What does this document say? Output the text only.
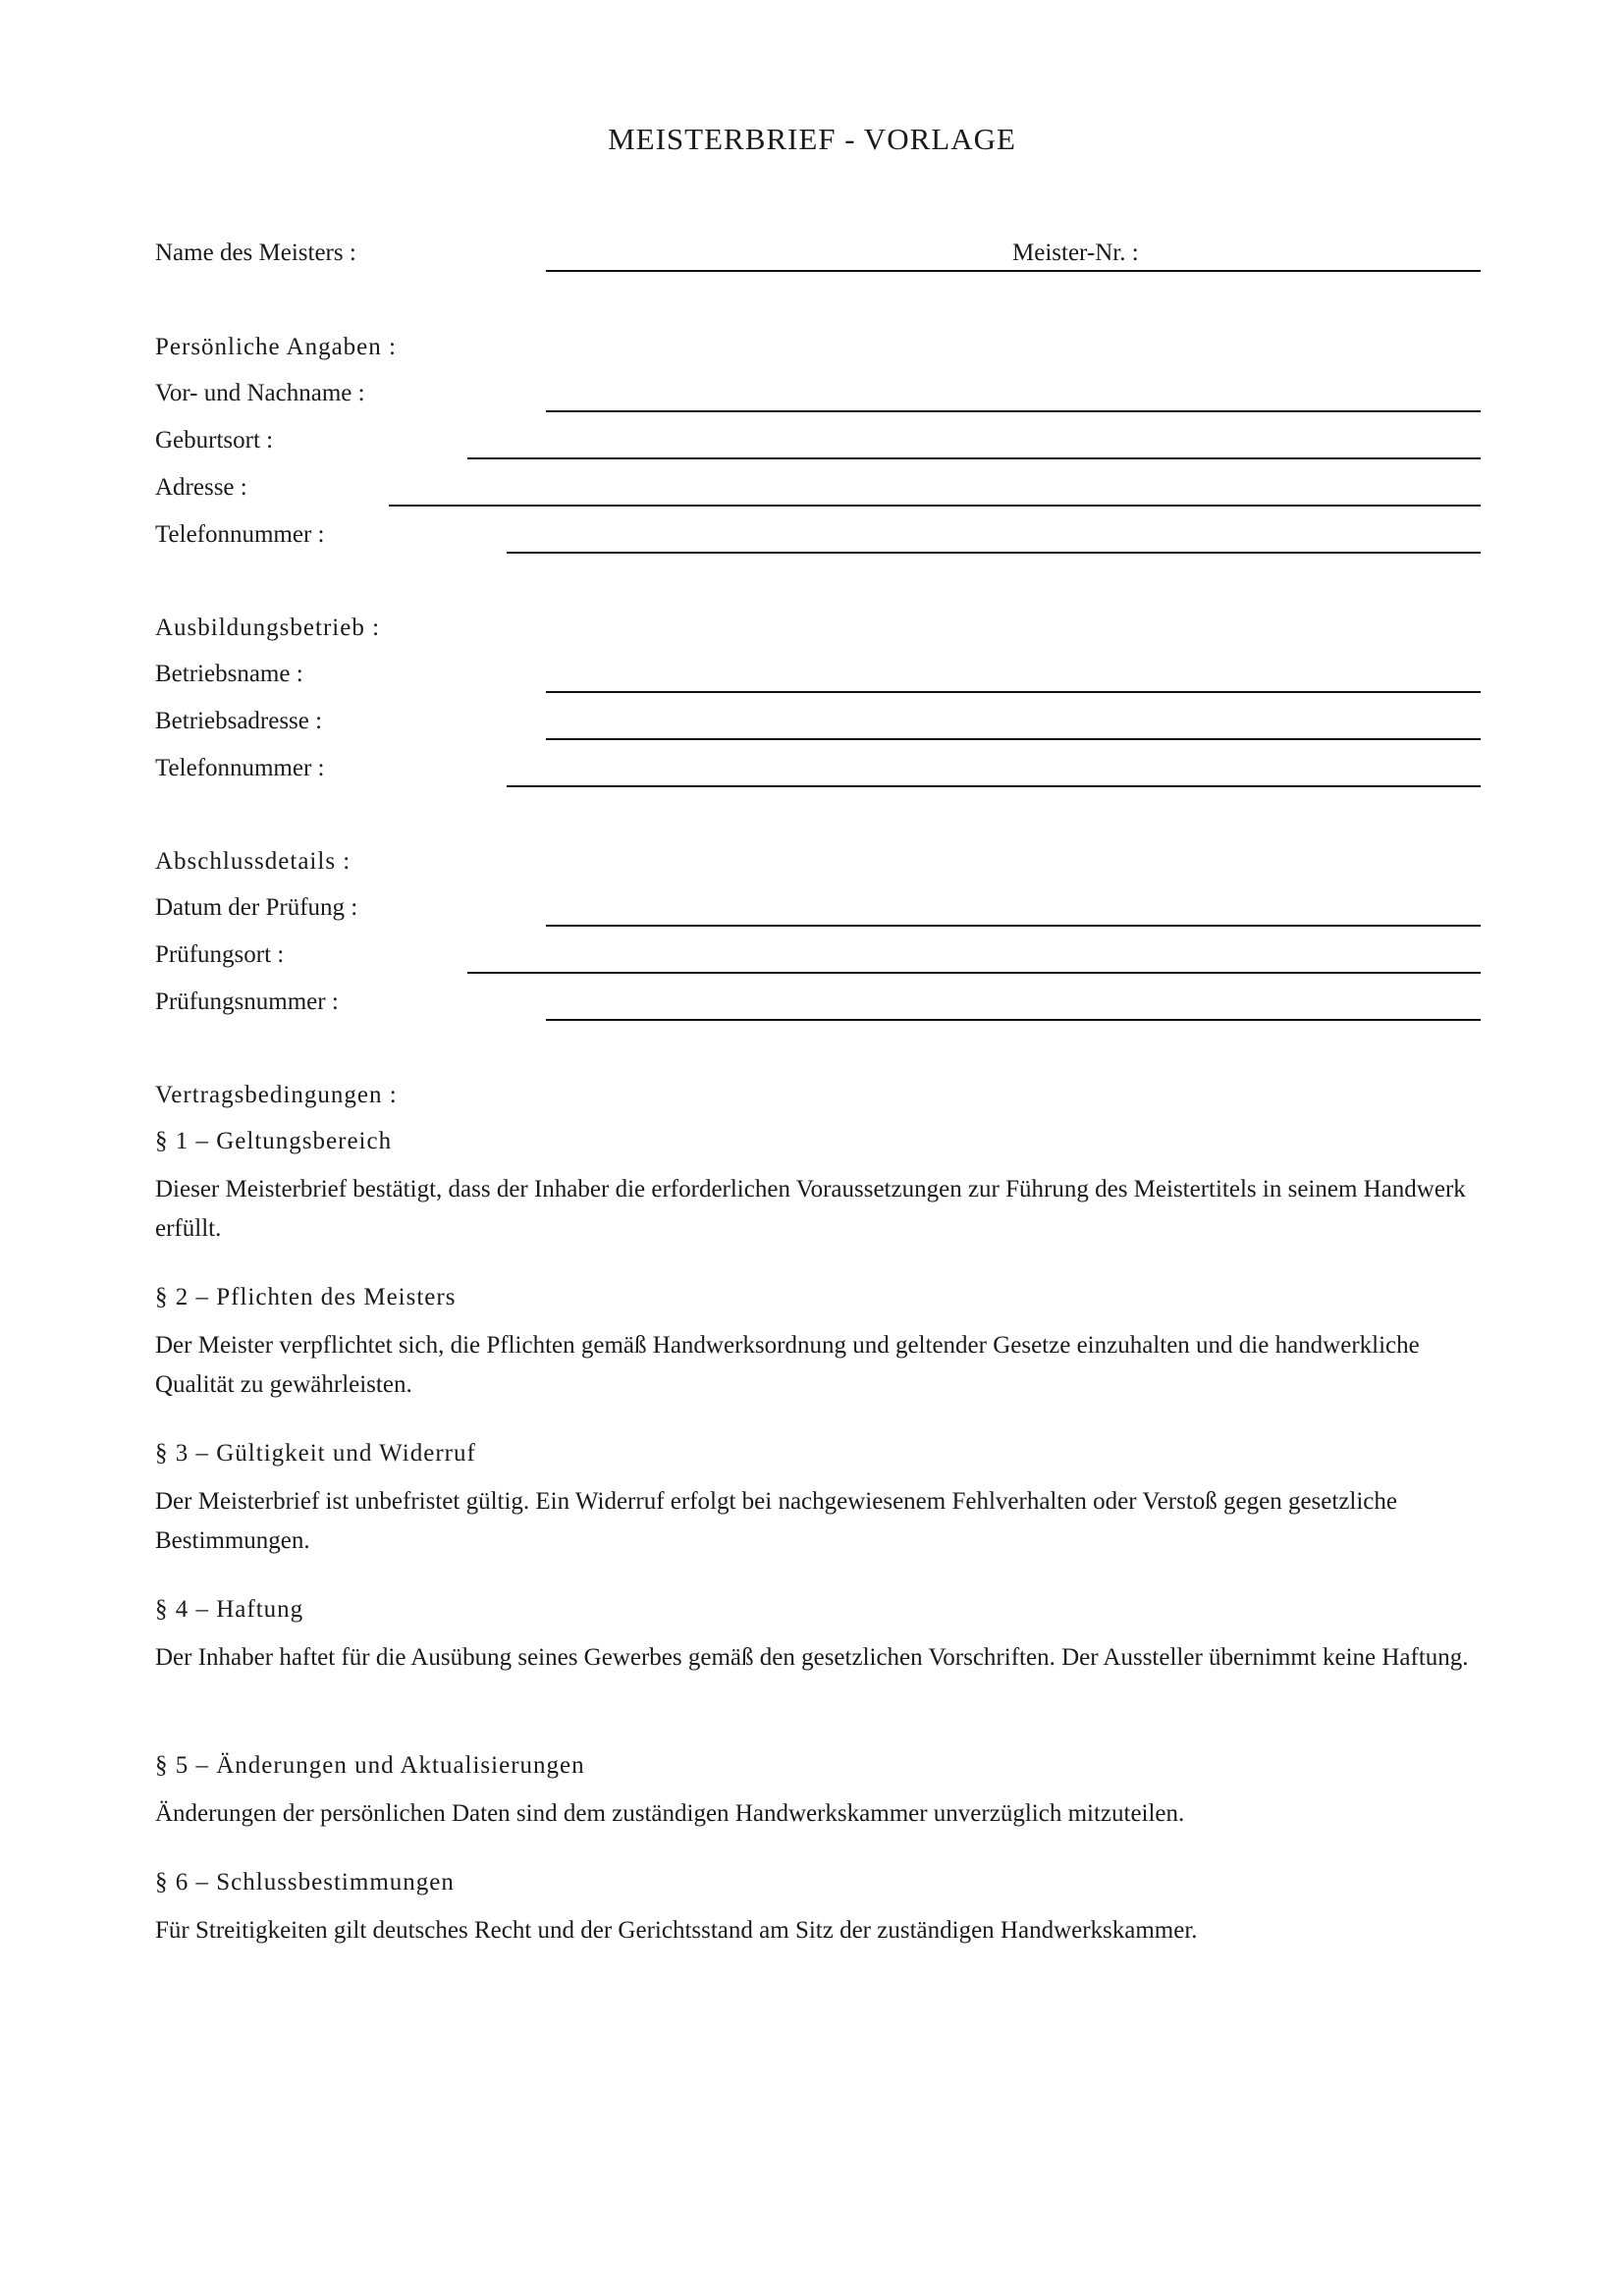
MEISTERBRIEF - VORLAGE
Name des Meisters :	Meister-Nr. :
Persönliche Angaben :
Vor- und Nachname :
Geburtsort :
Adresse :
Telefonnummer :
Ausbildungsbetrieb :
Betriebsname :
Betriebsadresse :
Telefonnummer :
Abschlussdetails :
Datum der Prüfung :
Prüfungsort :
Prüfungsnummer :
Vertragsbedingungen :
§ 1 – Geltungsbereich
Dieser Meisterbrief bestätigt, dass der Inhaber die erforderlichen Voraussetzungen zur Führung des Meistertitels in seinem Handwerk erfüllt.
§ 2 – Pflichten des Meisters
Der Meister verpflichtet sich, die Pflichten gemäß Handwerksordnung und geltender Gesetze einzuhalten und die handwerkliche Qualität zu gewährleisten.
§ 3 – Gültigkeit und Widerruf
Der Meisterbrief ist unbefristet gültig. Ein Widerruf erfolgt bei nachgewiesenem Fehlverhalten oder Verstoß gegen gesetzliche Bestimmungen.
§ 4 – Haftung
Der Inhaber haftet für die Ausübung seines Gewerbes gemäß den gesetzlichen Vorschriften. Der Aussteller übernimmt keine Haftung.
§ 5 – Änderungen und Aktualisierungen
Änderungen der persönlichen Daten sind dem zuständigen Handwerkskammer unverzüglich mitzuteilen.
§ 6 – Schlussbestimmungen
Für Streitigkeiten gilt deutsches Recht und der Gerichtsstand am Sitz der zuständigen Handwerkskammer.
